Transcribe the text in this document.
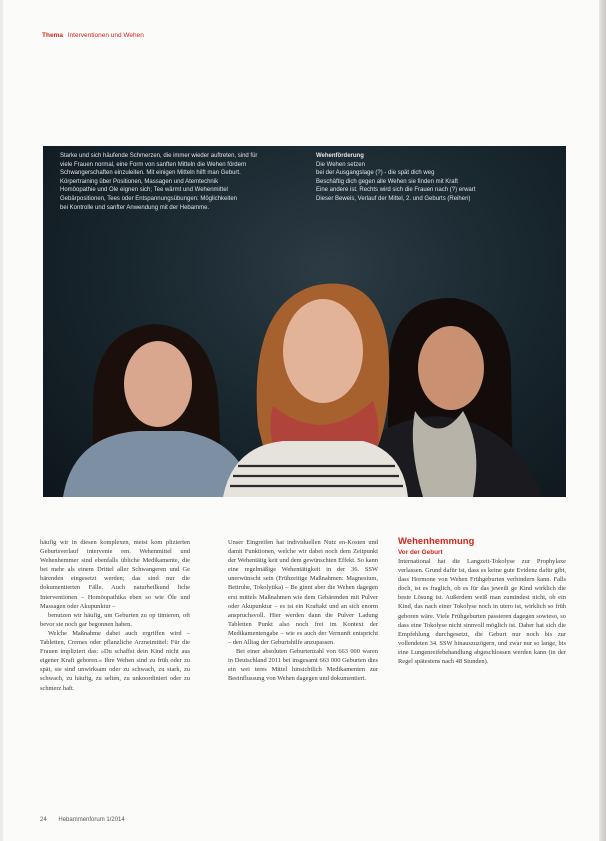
Thema Interventionen und Wehen
Starke und sich häufende Schmerzen, die immer wieder auftreten, sind für
viele Frauen normal, eine Form von sanften Mitteln die Wehen fördern
Schwangerschaften einzuleiten. Mit einigen Mitteln hilft man Geburt.
Körpertraining über Positionen, Massagen und Atemtechnik
Homöopathie und Öle eignen sich; Tee wärmt und Wehenmittel
Gebärpositionen, Tees oder Entspannungsübungen: Möglichkeiten
bei Kontrolle und sanfter Anwendung mit der Hebamme.
Wehenförderung
Die Wehen setzen
bei der Ausgangslage (?) - die spät dich weg
Beschäftig dich gegen alle Wehen sie finden mit Kraft
Eine andere ist. Rechts wird sich die Frauen nach (?) erwart
Dieser Beweis, Verlauf der Mittel, 2. und Geburts (Reihen)

häufig wir in diesen komplexen, meist kom plizierten Geburtsverlauf intervenie ren. Wehenmittel und Wehenhemmer sind ebenfalls übliche Medikamente, die bei mehr als einem Drittel aller Schwangeren und Ge bärenden eingesetzt werden; das sind nur die dokumentierten Fälle. Auch naturheilkund liche Interventionen – Homöopathika eben so wie Öle und Massagen oder Akupunktur –

benutzen wir häufig, um Geburten zu op timieren, oft bevor sie noch gar begonnen haben.

Welche Maßnahme dabei auch ergriffen wird – Tabletten, Cremes oder pflanzliche Arzneimittel: Für die Frauen impliziert das: »Du schaffst dein Kind nicht aus eigener Kraft geboren.« Ihre Wehen sind zu früh oder zu spät, sie sind unwirksam oder zu schwach, zu stark, zu schwach, zu häufig, zu selten, zu unkoordiniert oder zu schmerz haft.

Unser Eingreifen hat individuellen Nutz en-Kosten und damit Funktionen, welche wir dabei noch dem Zeitpunkt der Wehentätig keit und dem gewünschten Effekt. So kann eine regelmäßige Wehentätigkeit in der 36. SSW unerwünscht sein (Frühzeitige Maßnahmen: Magnesium, Bettruhe, Tokolytika) – Be ginnt aber die Wehen dagegen erst mittels Maßnahmen wie dem Gebärenden mit Pulver oder Akupunktur – es ist ein Kraftakt und an sich enorm anspruchsvoll. Hier werden dann die Pulver Ladung Tabletten Punkt also noch frei im Kontext der Medikamentengabe – wie es auch der Vernunft entspricht – den Alltag der Geburtshilfe anzupassen.

Bei einer absoluten Geburtenzahl von 663 000 waren in Deutschland 2011 bei insgesamt 663 000 Geburten dies ein wei teres Mittel hinsichtlich Medikamenten zur Beeinflussung von Wehen dagegen und dokumentiert.

Wehenhemmung
Vor der Geburt

International hat die Langzeit-Tokolyse zur Prophylaxe verlassen. Grund dafür ist, dass es keine gute Evidenz dafür gibt, dass Hormone von Wehen Frühgeburten verhindern kann. Falls doch, ist es fraglich, ob es für das jeweili ge Kind wirklich die beste Lösung ist. Außerdem weiß man zumindest nicht, ob ein Kind, das nach einer Tokolyse noch in utero ist, wirklich so früh geboren wäre. Viele Frühgeburten passieren dagegen sowieso, so dass eine Tokolyse nicht sinnvoll möglich ist. Daher hat sich die Empfehlung durchgesetzt, die Geburt nur noch bis zur vollendeten 34. SSW hinauszuzögern, und zwar nur so lange, bis eine Lungenreifebehandlung abgeschlossen werden kann (in der Regel spätestens nach 48 Stunden).

24 Hebammenforum 1/2014
